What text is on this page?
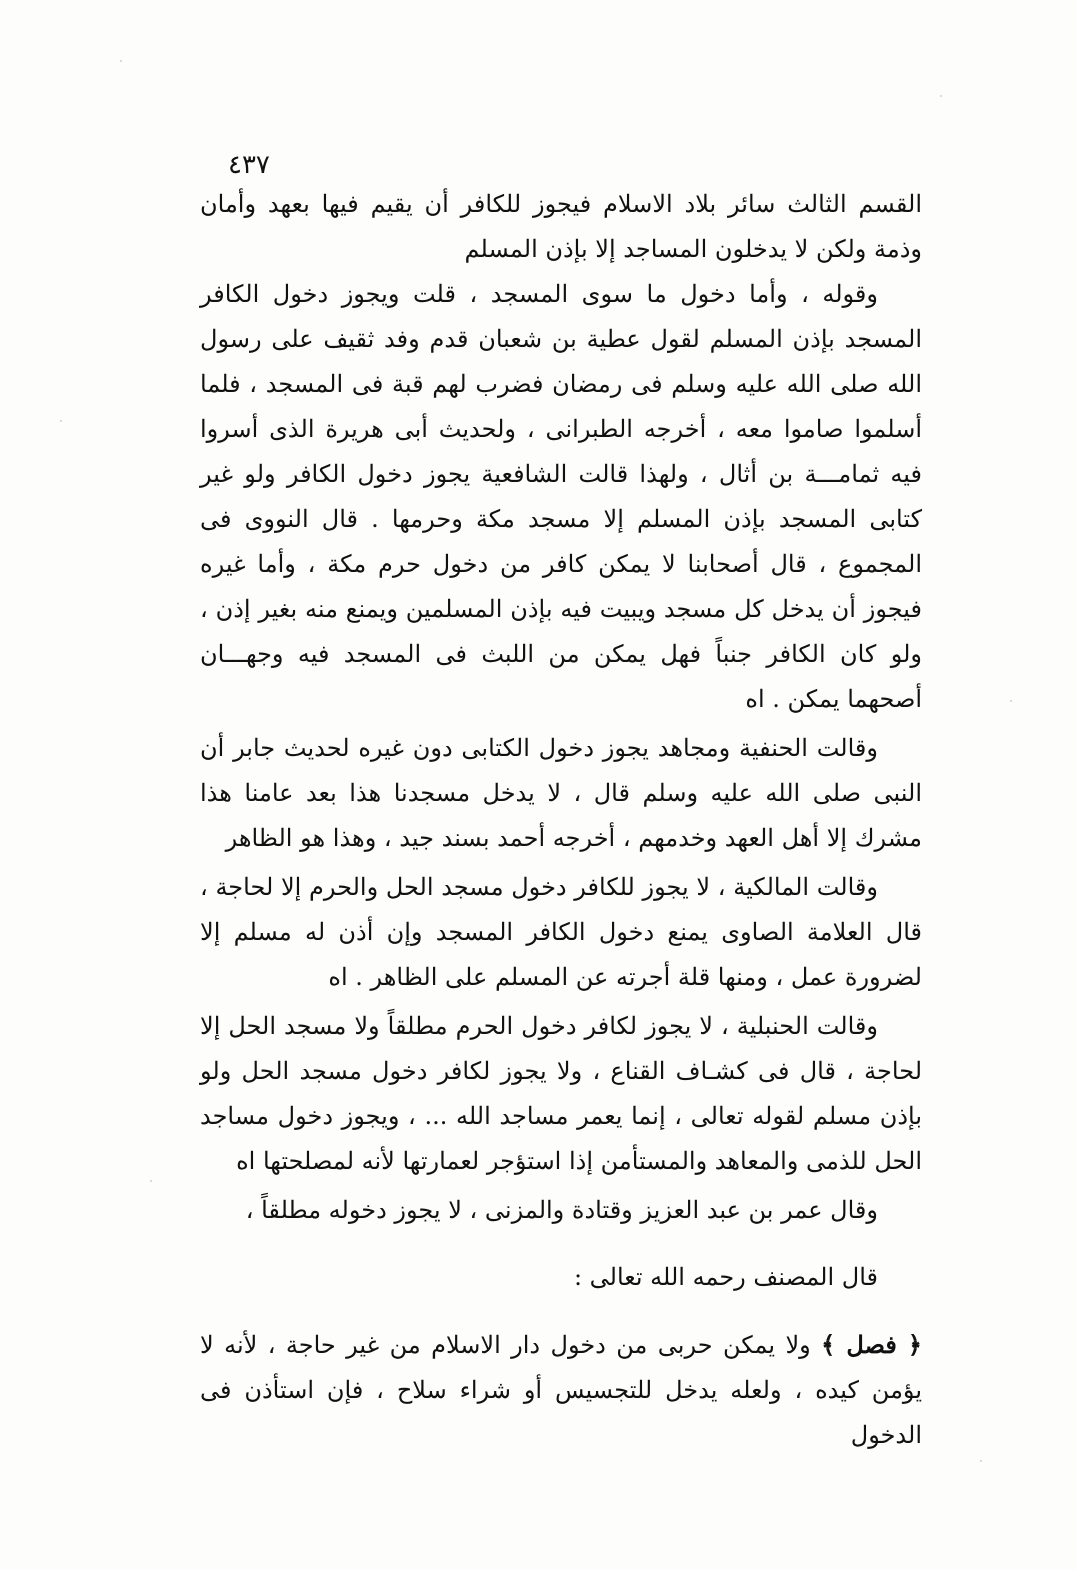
٤٣٧

القسم الثالث سائر بلاد الاسلام فيجوز للكافر أن يقيم فيها بعهد وأمان وذمة ولكن لا يدخلون المساجد إلا بإذن المسلم

وقوله ، وأما دخول ما سوى المسجد ، قلت ويجوز دخول الكافر المسجد بإذن المسلم لقول عطية بن شعبان قدم وفد ثقيف على رسول الله صلى الله عليه وسلم فى رمضان فضرب لهم قبة فى المسجد ، فلما أسلموا صاموا معه ، أخرجه الطبرانى ، ولحديث أبى هريرة الذى أسروا فيه ثمامـــة بن أثال ، ولهذا قالت الشافعية يجوز دخول الكافر ولو غير كتابى المسجد بإذن المسلم إلا مسجد مكة وحرمها . قال النووى فى المجموع ، قال أصحابنا لا يمكن كافر من دخول حرم مكة ، وأما غيره فيجوز أن يدخل كل مسجد ويبيت فيه بإذن المسلمين ويمنع منه بغير إذن ، ولو كان الكافر جنباً فهل يمكن من اللبث فى المسجد فيه وجهـــان أصحهما يمكن . اه

وقالت الحنفية ومجاهد يجوز دخول الكتابى دون غيره لحديث جابر أن النبى صلى الله عليه وسلم قال ، لا يدخل مسجدنا هذا بعد عامنا هذا مشرك إلا أهل العهد وخدمهم ، أخرجه أحمد بسند جيد ، وهذا هو الظاهر

وقالت المالكية ، لا يجوز للكافر دخول مسجد الحل والحرم إلا لحاجة ، قال العلامة الصاوى يمنع دخول الكافر المسجد وإن أذن له مسلم إلا لضرورة عمل ، ومنها قلة أجرته عن المسلم على الظاهر . اه

وقالت الحنبلية ، لا يجوز لكافر دخول الحرم مطلقاً ولا مسجد الحل إلا لحاجة ، قال فى كشـاف القناع ، ولا يجوز لكافر دخول مسجد الحل ولو بإذن مسلم لقوله تعالى ، إنما يعمر مساجد الله ... ، ويجوز دخول مساجد الحل للذمى والمعاهد والمستأمن إذا استؤجر لعمارتها لأنه لمصلحتها اه

وقال عمر بن عبد العزيز وقتادة والمزنى ، لا يجوز دخوله مطلقاً ،

قال المصنف رحمه الله تعالى :

﴿ فصل ﴾ ولا يمكن حربى من دخول دار الاسلام من غير حاجة ، لأنه لا يؤمن كيده ، ولعله يدخل للتجسيس أو شراء سلاح ، فإن استأذن فى الدخول
